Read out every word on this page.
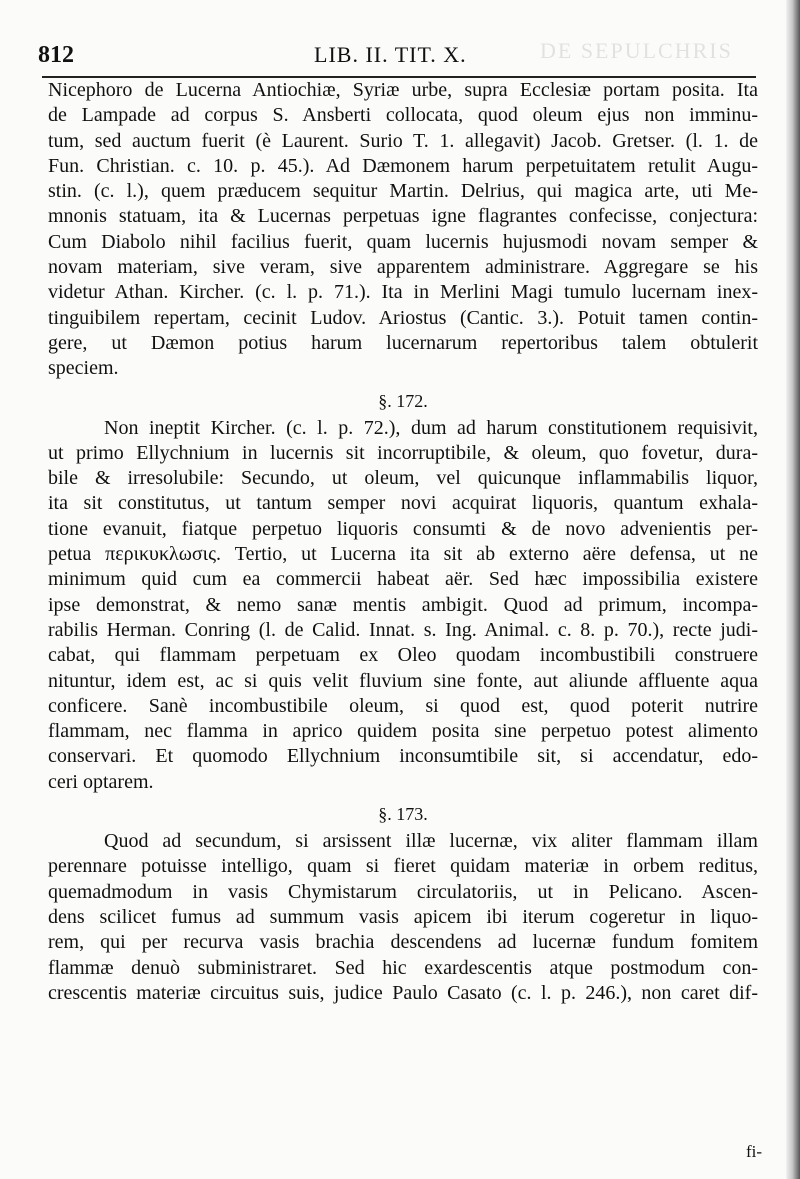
DE SEPULCHRIS
812	LIB. II. TIT. X.
Nicephoro de Lucerna Antiochiæ, Syriæ urbe, supra Ecclesiæ portam posita. Ita
de Lampade ad corpus S. Ansberti collocata, quod oleum ejus non imminu-
tum, sed auctum fuerit (è Laurent. Surio T. 1. allegavit) Jacob. Gretser. (l. 1. de
Fun. Christian. c. 10. p. 45.). Ad Dæmonem harum perpetuitatem retulit Augu-
stin. (c. l.), quem præducem sequitur Martin. Delrius, qui magica arte, uti Me-
mnonis statuam, ita & Lucernas perpetuas igne flagrantes confecisse, conjectura:
Cum Diabolo nihil facilius fuerit, quam lucernis hujusmodi novam semper &
novam materiam, sive veram, sive apparentem administrare. Aggregare se his
videtur Athan. Kircher. (c. l. p. 71.). Ita in Merlini Magi tumulo lucernam inex-
tinguibilem repertam, cecinit Ludov. Ariostus (Cantic. 3.). Potuit tamen contin-
gere, ut Dæmon potius harum lucernarum repertoribus talem obtulerit
speciem.
§. 172.
Non ineptit Kircher. (c. l. p. 72.), dum ad harum constitutionem requisivit,
ut primo Ellychnium in lucernis sit incorruptibile, & oleum, quo fovetur, dura-
bile & irresolubile: Secundo, ut oleum, vel quicunque inflammabilis liquor,
ita sit constitutus, ut tantum semper novi acquirat liquoris, quantum exhala-
tione evanuit, fiatque perpetuo liquoris consumti & de novo advenientis per-
petua περικυκλωσις. Tertio, ut Lucerna ita sit ab externo aëre defensa, ut ne
minimum quid cum ea commercii habeat aër. Sed hæc impossibilia existere
ipse demonstrat, & nemo sanæ mentis ambigit. Quod ad primum, incompa-
rabilis Herman. Conring (l. de Calid. Innat. s. Ing. Animal. c. 8. p. 70.), recte judi-
cabat, qui flammam perpetuam ex Oleo quodam incombustibili construere
nituntur, idem est, ac si quis velit fluvium sine fonte, aut aliunde affluente aqua
conficere. Sanè incombustibile oleum, si quod est, quod poterit nutrire
flammam, nec flamma in aprico quidem posita sine perpetuo potest alimento
conservari. Et quomodo Ellychnium inconsumtibile sit, si accendatur, edo-
ceri optarem.
§. 173.
Quod ad secundum, si arsissent illæ lucernæ, vix aliter flammam illam
perennare potuisse intelligo, quam si fieret quidam materiæ in orbem reditus,
quemadmodum in vasis Chymistarum circulatoriis, ut in Pelicano. Ascen-
dens scilicet fumus ad summum vasis apicem ibi iterum cogeretur in liquo-
rem, qui per recurva vasis brachia descendens ad lucernæ fundum fomitem
flammæ denuò subministraret. Sed hic exardescentis atque postmodum con-
crescentis materiæ circuitus suis, judice Paulo Casato (c. l. p. 246.), non caret dif-
fi-
